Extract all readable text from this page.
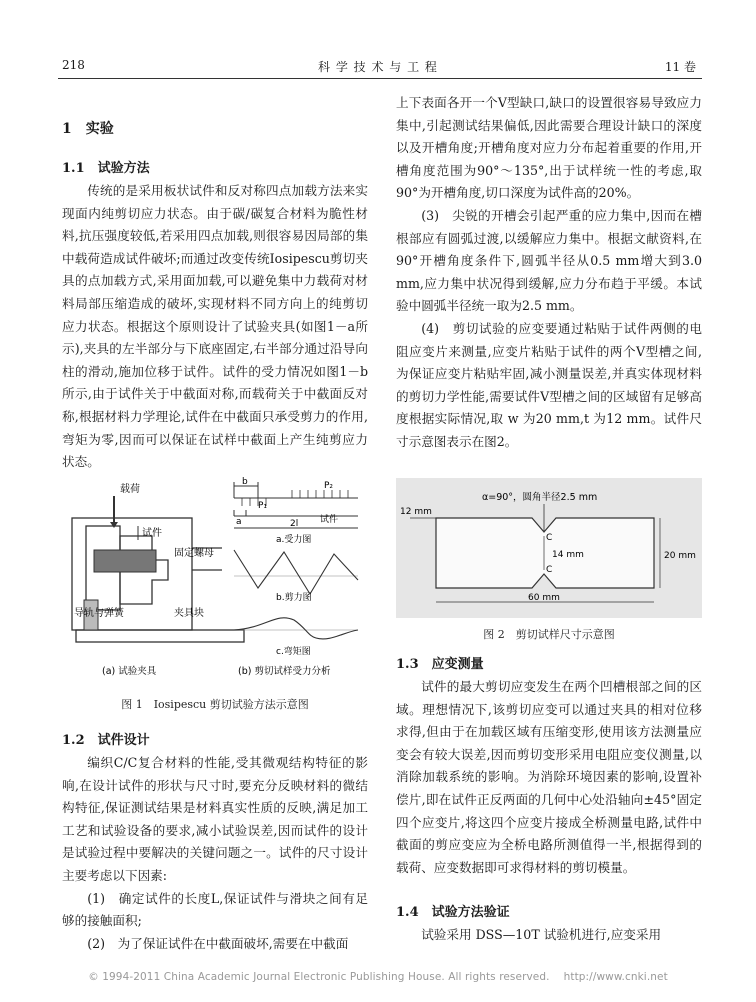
218	科 学 技 术 与 工 程	11 卷
1　实验
1.1　试验方法

传统的是采用板状试件和反对称四点加载方法来实现面内纯剪切应力状态。由于碳/碳复合材料为脆性材料,抗压强度较低,若采用四点加载,则很容易因局部的集中载荷造成试件破坏;而通过改变传统Iosipescu剪切夹具的点加载方式,采用面加载,可以避免集中力载荷对材料局部压缩造成的破坏,实现材料不同方向上的纯剪切应力状态。根据这个原则设计了试验夹具(如图1－a所示),夹具的左半部分与下底座固定,右半部分通过沿导向柱的滑动,施加位移于试件。试件的受力情况如图1－b所示,由于试件关于中截面对称,而载荷关于中截面反对称,根据材料力学理论,试件在中截面只承受剪力的作用,弯矩为零,因而可以保证在试样中截面上产生纯剪应力状态。

载荷
试件
固定螺母
导轨与弹簧	夹具块
(a) 试验夹具
b	P₂
P₁
a	2l 试件
a.受力图
b.剪力图
c.弯矩图
(b) 剪切试样受力分析
图 1　Iosipescu 剪切试验方法示意图
1.2　试件设计

编织C/C复合材料的性能,受其微观结构特征的影响,在设计试件的形状与尺寸时,要充分反映材料的微结构特征,保证测试结果是材料真实性质的反映,满足加工工艺和试验设备的要求,减小试验误差,因而试件的设计是试验过程中要解决的关键问题之一。试件的尺寸设计主要考虑以下因素:

(1)　确定试件的长度L,保证试件与滑块之间有足够的接触面积;

(2)　为了保证试件在中截面破坏,需要在中截面

上下表面各开一个V型缺口,缺口的设置很容易导致应力集中,引起测试结果偏低,因此需要合理设计缺口的深度以及开槽角度;开槽角度对应力分布起着重要的作用,开槽角度范围为90°～135°,出于试样统一性的考虑,取90°为开槽角度,切口深度为试件高的20%。

(3)　尖锐的开槽会引起严重的应力集中,因而在槽根部应有圆弧过渡,以缓解应力集中。根据文献资料,在90°开槽角度条件下,圆弧半径从0.5 mm增大到3.0 mm,应力集中状况得到缓解,应力分布趋于平缓。本试验中圆弧半径统一取为2.5 mm。

(4)　剪切试验的应变要通过粘贴于试件两侧的电阻应变片来测量,应变片粘贴于试件的两个V型槽之间,为保证应变片粘贴牢固,减小测量误差,并真实体现材料的剪切力学性能,需要试件V型槽之间的区域留有足够高度根据实际情况,取 w 为20 mm,t 为12 mm。试件尺寸示意图表示在图2。

α=90°，圆角半径2.5 mm
12 mm
C
C
14 mm	20 mm
60 mm
图 2　剪切试样尺寸示意图
1.3　应变测量

试件的最大剪切应变发生在两个凹槽根部之间的区域。理想情况下,该剪切应变可以通过夹具的相对位移求得,但由于在加载区域有压缩变形,使用该方法测量应变会有较大误差,因而剪切变形采用电阻应变仪测量,以消除加载系统的影响。为消除环境因素的影响,设置补偿片,即在试件正反两面的几何中心处沿轴向±45°固定四个应变片,将这四个应变片接成全桥测量电路,试件中截面的剪应变应为全桥电路所测值得一半,根据得到的载荷、应变数据即可求得材料的剪切模量。

1.4　试验方法验证

试验采用 DSS—10T 试验机进行,应变采用

© 1994-2011 China Academic Journal Electronic Publishing House. All rights reserved.　 http://www.cnki.net
